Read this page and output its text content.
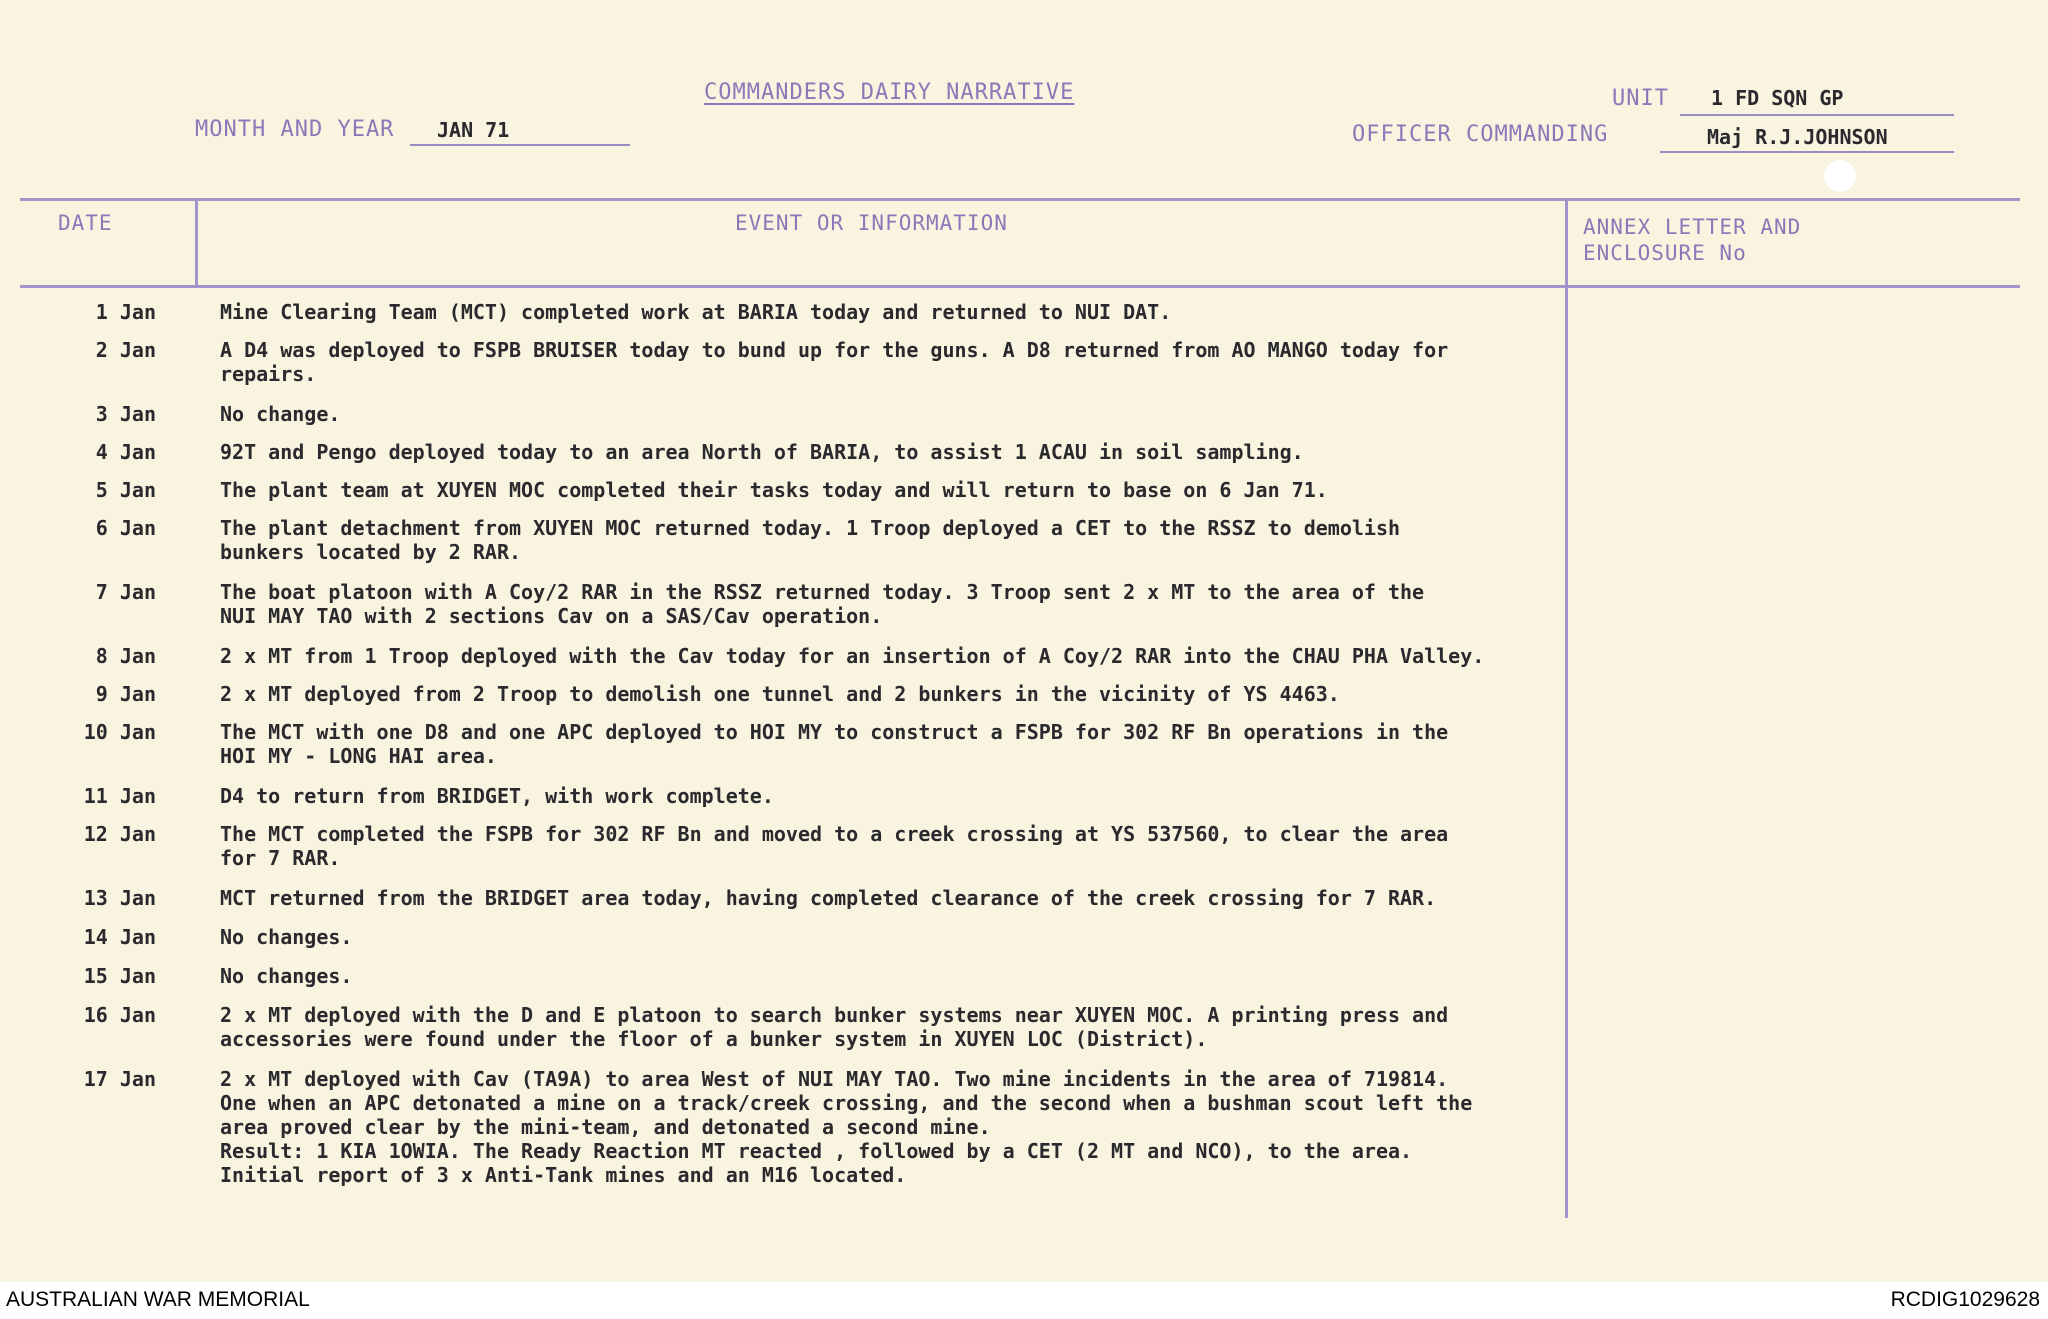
COMMANDERS DAIRY NARRATIVE
MONTH AND YEAR JAN 71
UNIT 1 FD SQN GP
OFFICER COMMANDING	Maj R.J.JOHNSON
DATE	EVENT OR INFORMATION	ANNEX LETTER AND
ENCLOSURE No
1 Jan	Mine Clearing Team (MCT) completed work at BARIA today and returned to NUI DAT.
2 Jan	A D4 was deployed to FSPB BRUISER today to bund up for the guns. A D8 returned from AO MANGO today for
repairs.
3 Jan	No change.
4 Jan	92T and Pengo deployed today to an area North of BARIA, to assist 1 ACAU in soil sampling.
5 Jan	The plant team at XUYEN MOC completed their tasks today and will return to base on 6 Jan 71.
6 Jan	The plant detachment from XUYEN MOC returned today. 1 Troop deployed a CET to the RSSZ to demolish
bunkers located by 2 RAR.
7 Jan	The boat platoon with A Coy/2 RAR in the RSSZ returned today. 3 Troop sent 2 x MT to the area of the
NUI MAY TAO with 2 sections Cav on a SAS/Cav operation.
8 Jan	2 x MT from 1 Troop deployed with the Cav today for an insertion of A Coy/2 RAR into the CHAU PHA Valley.
9 Jan	2 x MT deployed from 2 Troop to demolish one tunnel and 2 bunkers in the vicinity of YS 4463.
10 Jan	The MCT with one D8 and one APC deployed to HOI MY to construct a FSPB for 302 RF Bn operations in the
HOI MY - LONG HAI area.
11 Jan	D4 to return from BRIDGET, with work complete.
12 Jan	The MCT completed the FSPB for 302 RF Bn and moved to a creek crossing at YS 537560, to clear the area
for 7 RAR.
13 Jan	MCT returned from the BRIDGET area today, having completed clearance of the creek crossing for 7 RAR.
14 Jan	No changes.
15 Jan	No changes.
16 Jan	2 x MT deployed with the D and E platoon to search bunker systems near XUYEN MOC. A printing press and
accessories were found under the floor of a bunker system in XUYEN LOC (District).
17 Jan	2 x MT deployed with Cav (TA9A) to area West of NUI MAY TAO. Two mine incidents in the area of 719814.
One when an APC detonated a mine on a track/creek crossing, and the second when a bushman scout left the
area proved clear by the mini-team, and detonated a second mine.
Result: 1 KIA 1OWIA. The Ready Reaction MT reacted , followed by a CET (2 MT and NCO), to the area.
Initial report of 3 x Anti-Tank mines and an M16 located.
AUSTRALIAN WAR MEMORIAL	RCDIG1029628
